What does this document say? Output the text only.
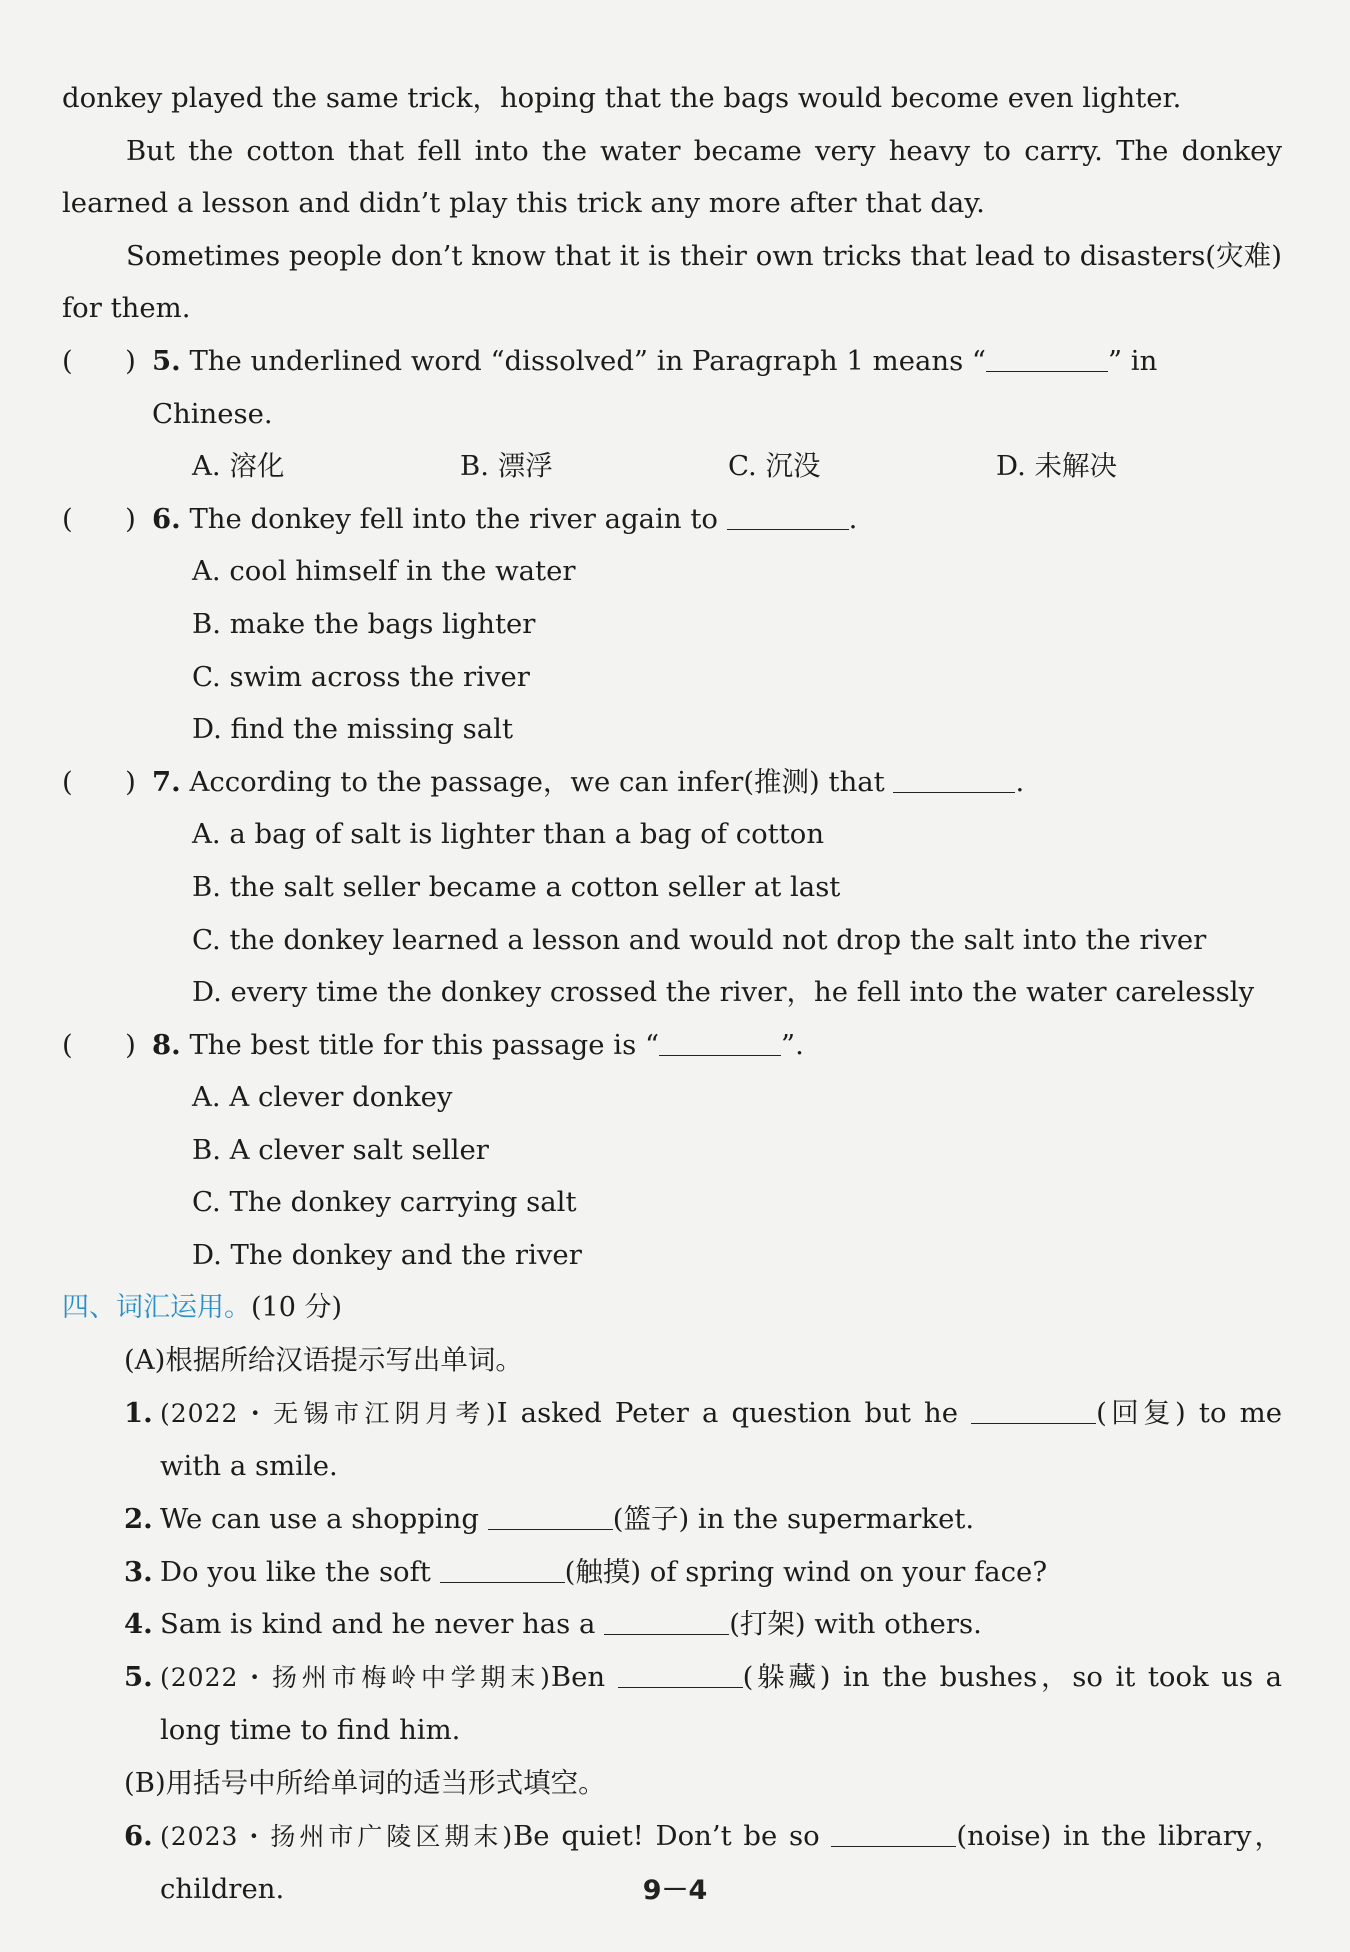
donkey played the same trick，hoping that the bags would become even lighter.

But the cotton that fell into the water became very heavy to carry. The donkey

learned a lesson and didn’t play this trick any more after that day.

Sometimes people don’t know that it is their own tricks that lead to disasters(灾难)

for them.

(      ) 5. The underlined word “dissolved” in Paragraph 1 means “	” in Chinese.
A. 溶化	B. 漂浮	C. 沉没	D. 未解决
(      ) 6. The donkey fell into the river again to	.

A. cool himself in the water

B. make the bags lighter

C. swim across the river

D. find the missing salt

(      ) 7. According to the passage，we can infer(推测) that	.

A. a bag of salt is lighter than a bag of cotton

B. the salt seller became a cotton seller at last

C. the donkey learned a lesson and would not drop the salt into the river

D. every time the donkey crossed the river，he fell into the water carelessly

(      ) 8. The best title for this passage is “	”.

A. A clever donkey

B. A clever salt seller

C. The donkey carrying salt

D. The donkey and the river

四、词汇运用。(10 分)

(A)根据所给汉语提示写出单词。

1. (2022・无锡市江阴月考)I asked Peter a question but he	(回复) to me

with a smile.

2. We can use a shopping	(篮子) in the supermarket.
3. Do you like the soft	(触摸) of spring wind on your face?
4. Sam is kind and he never has a	(打架) with others.
5. (2022・扬州市梅岭中学期末)Ben	(躲藏) in the bushes，so it took us a

long time to find him.

(B)用括号中所给单词的适当形式填空。

6. (2023・扬州市广陵区期末)Be quiet! Don’t be so	(noise) in the library，

children.	9－4
